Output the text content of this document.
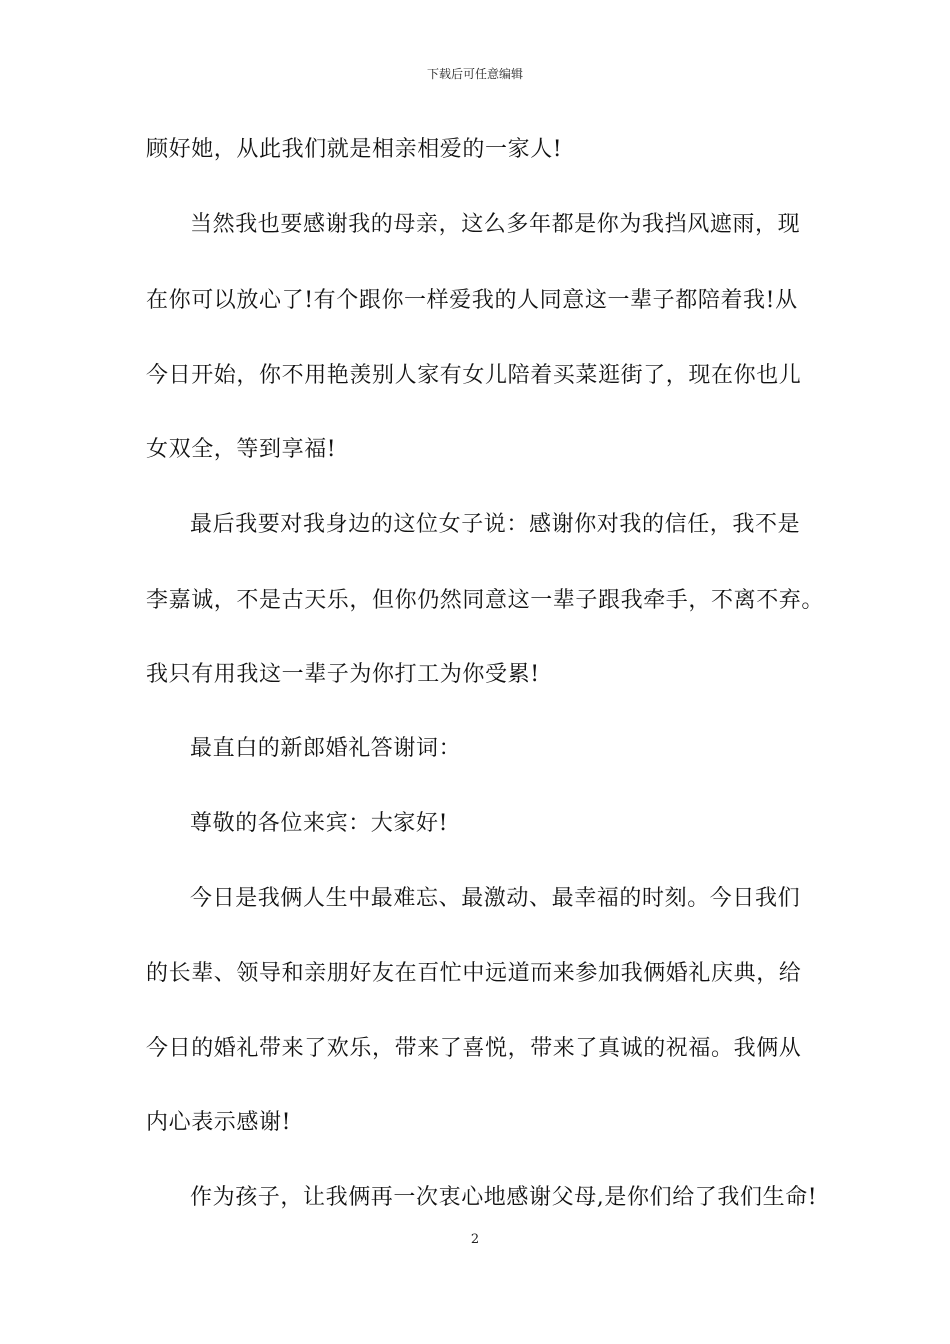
下载后可任意编辑
顾好她，从此我们就是相亲相爱的一家人!
当然我也要感谢我的母亲，这么多年都是你为我挡风遮雨，现
在你可以放心了!有个跟你一样爱我的人同意这一辈子都陪着我!从
今日开始，你不用艳羡别人家有女儿陪着买菜逛街了，现在你也儿
女双全，等到享福!
最后我要对我身边的这位女子说：感谢你对我的信任，我不是
李嘉诚，不是古天乐，但你仍然同意这一辈子跟我牵手，不离不弃。
我只有用我这一辈子为你打工为你受累!
最直白的新郎婚礼答谢词：
尊敬的各位来宾：大家好!
今日是我俩人生中最难忘、最激动、最幸福的时刻。今日我们
的长辈、领导和亲朋好友在百忙中远道而来参加我俩婚礼庆典，给
今日的婚礼带来了欢乐，带来了喜悦，带来了真诚的祝福。我俩从
内心表示感谢!
作为孩子，让我俩再一次衷心地感谢父母,是你们给了我们生命!
2
